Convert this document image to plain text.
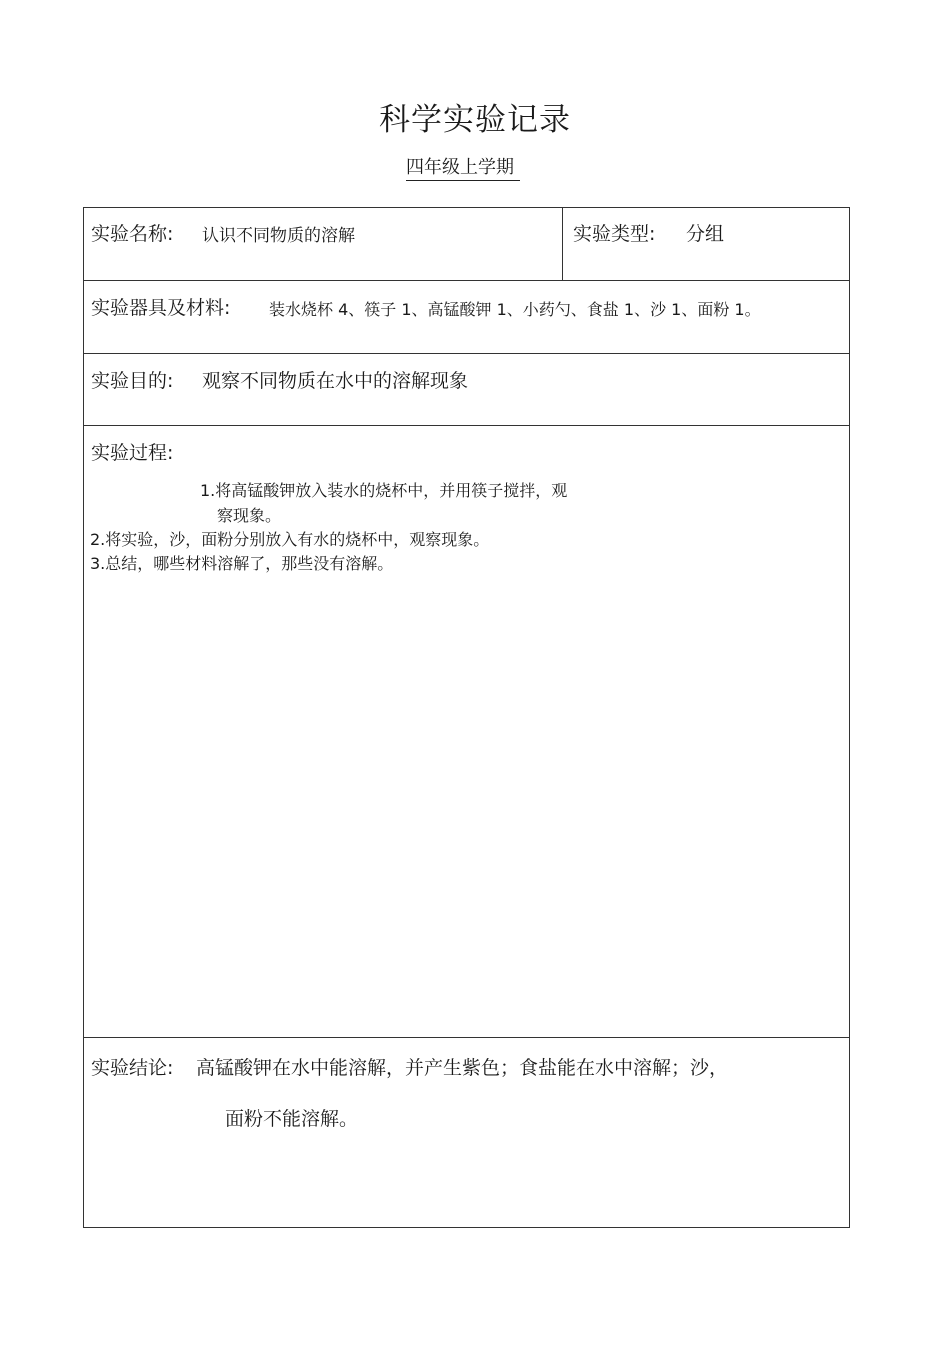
科学实验记录
四年级上学期
实验名称: 认识不同物质的溶解	实验类型: 分组
实验器具及材料: 装水烧杯 4、筷子 1、高锰酸钾 1、小药勺、食盐 1、沙 1、面粉 1。
实验目的: 观察不同物质在水中的溶解现象
实验过程:
1.将高锰酸钾放入装水的烧杯中，并用筷子搅拌，观
察现象。
2.将实验，沙，面粉分别放入有水的烧杯中，观察现象。
3.总结，哪些材料溶解了，那些没有溶解。
实验结论: 高锰酸钾在水中能溶解，并产生紫色；食盐能在水中溶解；沙，
面粉不能溶解。
